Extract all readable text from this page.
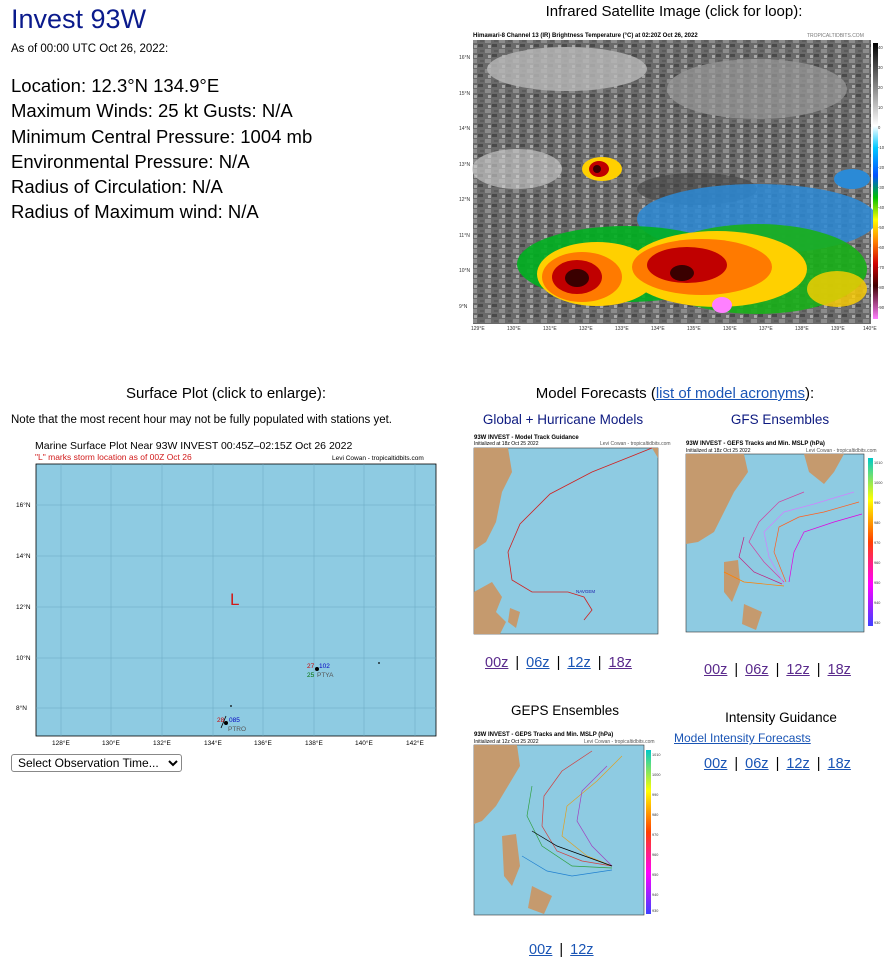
Invest 93W
As of 00:00 UTC Oct 26, 2022:
Location: 12.3°N 134.9°E
Maximum Winds: 25 kt Gusts: N/A
Minimum Central Pressure: 1004 mb
Environmental Pressure: N/A
Radius of Circulation: N/A
Radius of Maximum wind: N/A
Infrared Satellite Image (click for loop):
Himawari-8 Channel 13 (IR) Brightness Temperature (°C) at 02:20Z Oct 26, 2022	TROPICALTIDBITS.COM
16°N
15°N
14°N
13°N
12°N
11°N
10°N
9°N
129°E	130°E	131°E	132°E	133°E	134°E	135°E	136°E	137°E	138°E	139°E	140°E
40
30
20
10
0
-10
-20
-30
-40
-50
-60
-70
-80
-90
Surface Plot (click to enlarge):
Note that the most recent hour may not be fully populated with stations yet.
Marine Surface Plot Near 93W INVEST 00:45Z–02:15Z Oct 26 2022
"L" marks storm location as of 00Z Oct 26	Levi Cowan - tropicaltidbits.com
16°N
14°N
12°N
10°N
8°N
128°E	130°E	132°E	134°E	136°E	138°E	140°E	142°E
L
27 102
25 PTYA
28 085
PTRO
Select Observation Time...
Model Forecasts (list of model acronyms):
Global + Hurricane Models
93W INVEST - Model Track Guidance
Initialized at 18z Oct 25 2022	Levi Cowan - tropicaltidbits.com
NAVGEM
00z | 06z | 12z | 18z
GFS Ensembles
93W INVEST - GEFS Tracks and Min. MSLP (hPa)
Initialized at 18z Oct 25 2022	Levi Cowan - tropicaltidbits.com
1010
1000
990
980
970
960
950
940
930
00z | 06z | 12z | 18z
GEPS Ensembles
93W INVEST - GEPS Tracks and Min. MSLP (hPa)
Initialized at 12z Oct 25 2022	Levi Cowan - tropicaltidbits.com
1010
1000
990
980
970
960
950
940
930
00z | 12z
Intensity Guidance
Model Intensity Forecasts
00z | 06z | 12z | 18z
